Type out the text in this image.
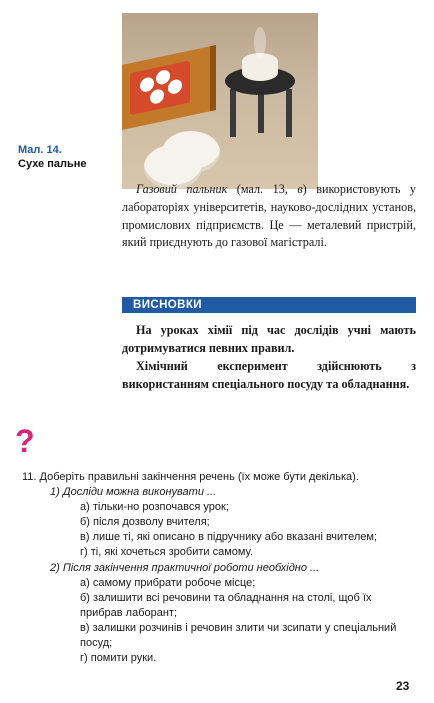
Мал. 14.
Сухе пальне
Газовий пальник (мал. 13, в) використовують у лабораторіях університетів, науково-дослідних установ, промислових підприємств. Це — металевий пристрій, який приєднують до газової магістралі.
ВИСНОВКИ

На уроках хімії під час дослідів учні мають дотримуватися певних правил.

Хімічний експеримент здійснюють з використанням спеціального посуду та обладнання.

?
11. Доберіть правильні закінчення речень (їх може бути декілька).
1) Досліди можна виконувати ...
а) тільки-но розпочався урок;
б) після дозволу вчителя;
в) лише ті, які описано в підручнику або вказані вчителем;
г) ті, які хочеться зробити самому.
2) Після закінчення практичної роботи необхідно ...
а) самому прибрати робоче місце;
б) залишити всі речовини та обладнання на столі, щоб їх прибрав лаборант;
в) залишки розчинів і речовин злити чи зсипати у спеціальний посуд;
г) помити руки.
23
